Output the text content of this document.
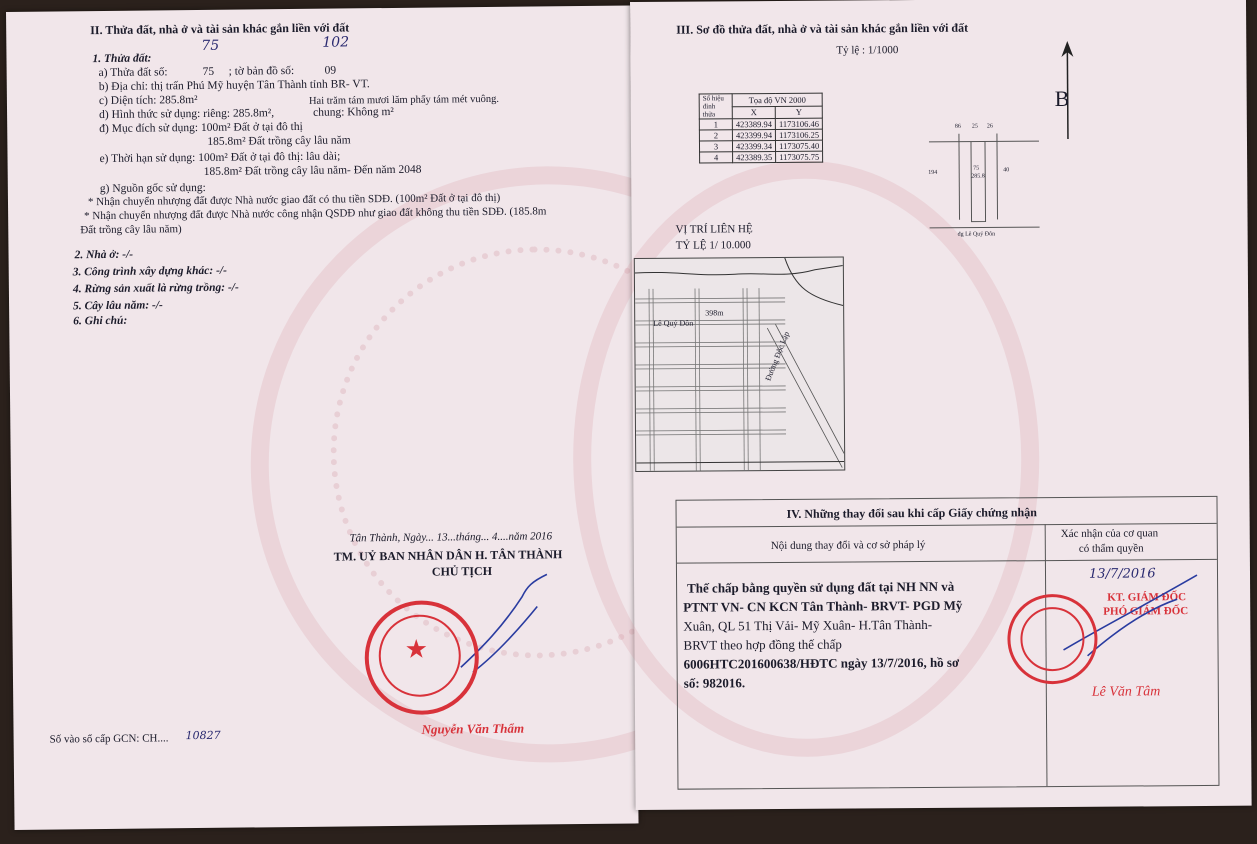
II. Thửa đất, nhà ở và tài sản khác gắn liền với đất
1. Thửa đất:
75	102
a) Thửa đất số:	75 ; tờ bản đồ số:	09
b) Địa chỉ: thị trấn Phú Mỹ huyện Tân Thành tỉnh BR- VT.
c) Diện tích: 285.8m²	Hai trăm tám mươi lăm phẩy tám mét vuông.
d) Hình thức sử dụng: riêng: 285.8m²,	chung: Không m²
đ) Mục đích sử dụng: 100m² Đất ở tại đô thị
185.8m² Đất trồng cây lâu năm
e) Thời hạn sử dụng: 100m² Đất ở tại đô thị: lâu dài;
185.8m² Đất trồng cây lâu năm- Đến năm 2048
g) Nguồn gốc sử dụng:
* Nhận chuyển nhượng đất được Nhà nước giao đất có thu tiền SDĐ. (100m² Đất ở tại đô thị)
* Nhận chuyển nhượng đất được Nhà nước công nhận QSDĐ như giao đất không thu tiền SDĐ. (185.8m
Đất trồng cây lâu năm)
2. Nhà ở: -/-
3. Công trình xây dựng khác: -/-
4. Rừng sản xuất là rừng trồng: -/-
5. Cây lâu năm: -/-
6. Ghi chú:
Tân Thành, Ngày... 13...tháng... 4....năm 2016
TM. UỶ BAN NHÂN DÂN H. TÂN THÀNH
CHỦ TỊCH
★
Nguyễn Văn Thẩm
Số vào sổ cấp GCN: CH.... 10827
III. Sơ đồ thửa đất, nhà ở và tài sản khác gắn liền với đất
Tỷ lệ : 1/1000
B
Số hiệu đỉnh thửa	Tọa độ VN 2000	
	X	Y
1	423389.94	1173106.46
2	423399.94	1173106.25
3	423399.34	1173075.40
4	423389.35	1173075.75
86 25 26
194	40
75
285.8
đg Lê Quý Đôn
VỊ TRÍ LIÊN HỆ
TỶ LỆ 1/ 10.000
398m
Lê Quý Đôn
Đường Độc Lập
IV. Những thay đổi sau khi cấp Giấy chứng nhận
Nội dung thay đổi và cơ sở pháp lý
Xác nhận của cơ quan
có thẩm quyền
Thế chấp bằng quyền sử dụng đất tại NH NN và
PTNT VN- CN KCN Tân Thành- BRVT- PGD Mỹ
Xuân, QL 51 Thị Vải- Mỹ Xuân- H.Tân Thành-
BRVT theo hợp đồng thế chấp
6006HTC201600638/HĐTC ngày 13/7/2016, hồ sơ
số: 982016.
13/7/2016
KT. GIÁM ĐỐC
PHÓ GIÁM ĐỐC
Lê Văn Tâm
